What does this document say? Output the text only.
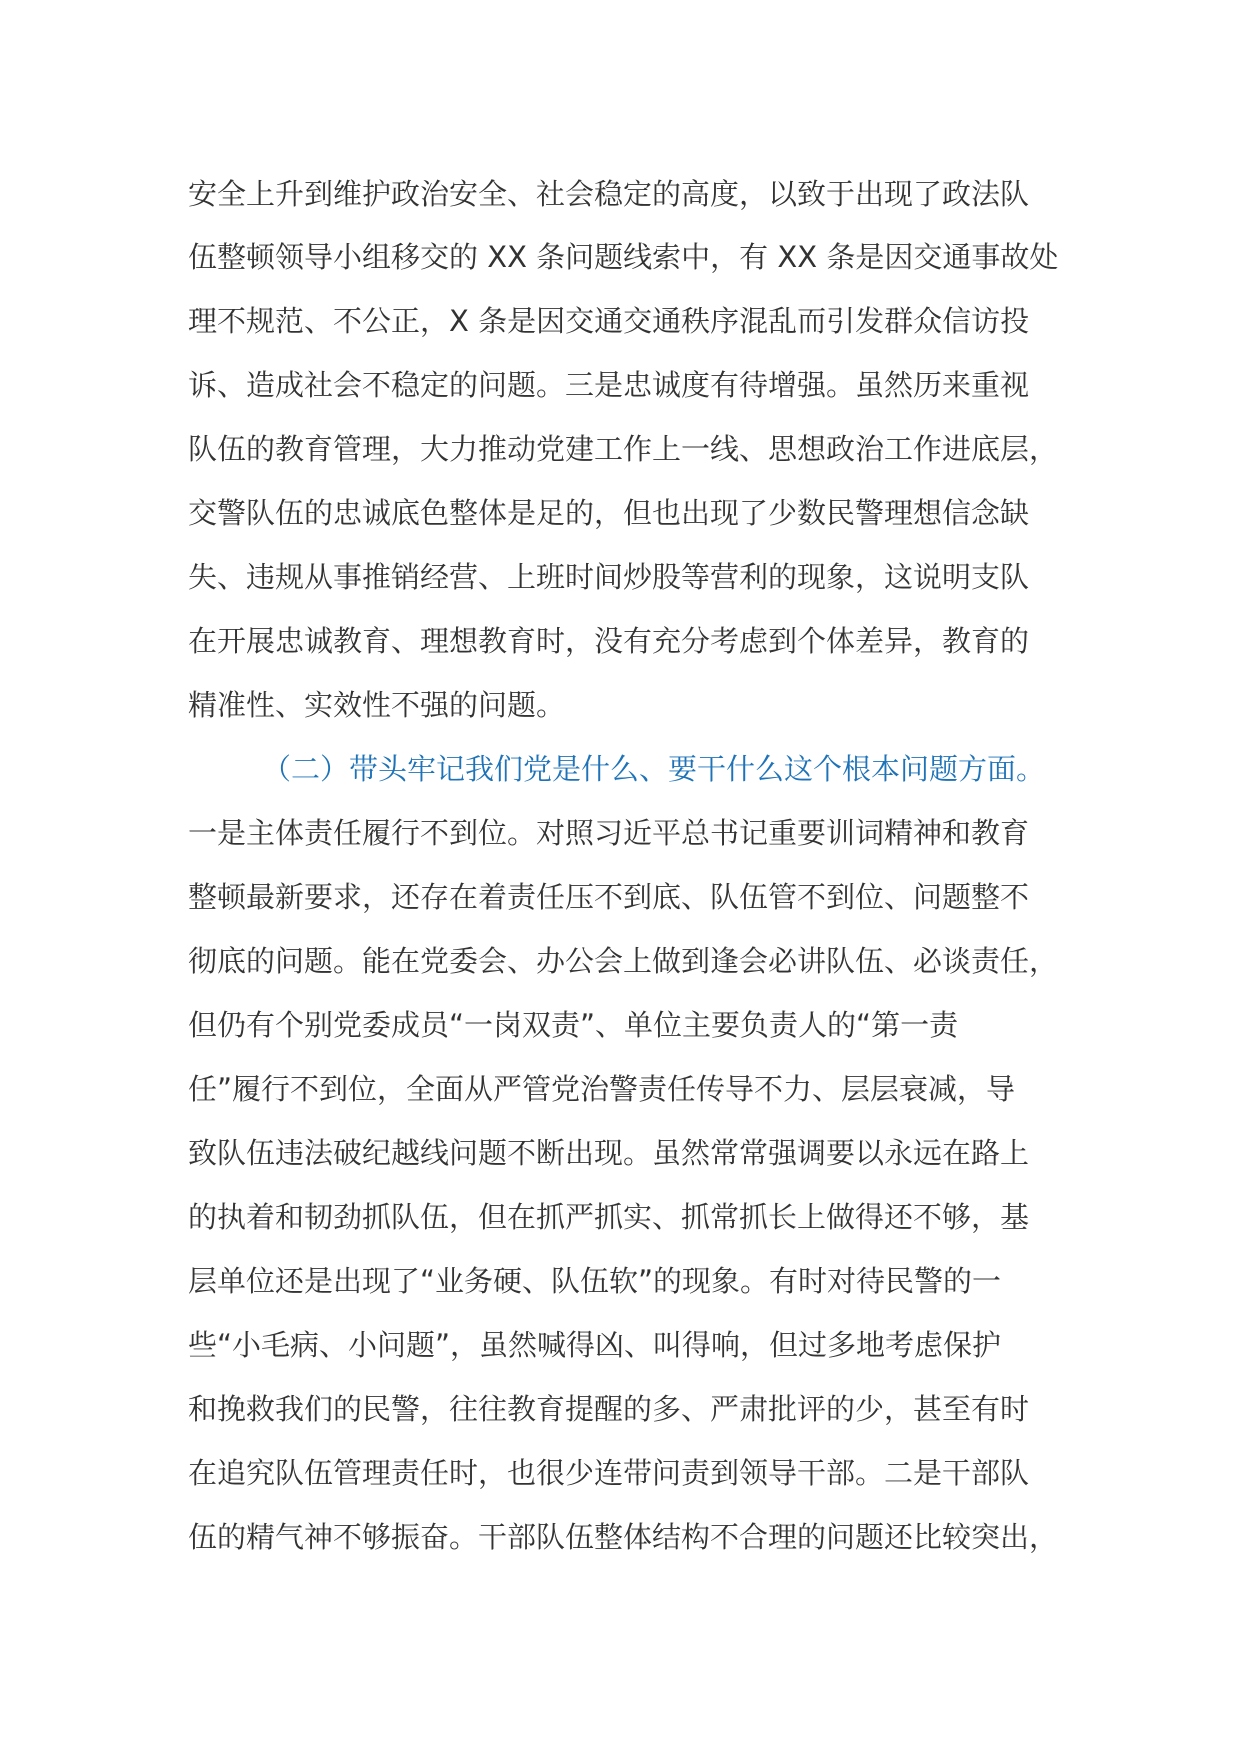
安全上升到维护政治安全、社会稳定的高度，以致于出现了政法队

伍整顿领导小组移交的 XX 条问题线索中，有 XX 条是因交通事故处

理不规范、不公正，X 条是因交通交通秩序混乱而引发群众信访投

诉、造成社会不稳定的问题。三是忠诚度有待增强。虽然历来重视

队伍的教育管理，大力推动党建工作上一线、思想政治工作进底层，

交警队伍的忠诚底色整体是足的，但也出现了少数民警理想信念缺

失、违规从事推销经营、上班时间炒股等营利的现象，这说明支队

在开展忠诚教育、理想教育时，没有充分考虑到个体差异，教育的

精准性、实效性不强的问题。

（二）带头牢记我们党是什么、要干什么这个根本问题方面。

一是主体责任履行不到位。对照习近平总书记重要训词精神和教育

整顿最新要求，还存在着责任压不到底、队伍管不到位、问题整不

彻底的问题。能在党委会、办公会上做到逢会必讲队伍、必谈责任，

但仍有个别党委成员“一岗双责”、单位主要负责人的“第一责

任”履行不到位，全面从严管党治警责任传导不力、层层衰减，导

致队伍违法破纪越线问题不断出现。虽然常常强调要以永远在路上

的执着和韧劲抓队伍，但在抓严抓实、抓常抓长上做得还不够，基

层单位还是出现了“业务硬、队伍软”的现象。有时对待民警的一

些“小毛病、小问题”，虽然喊得凶、叫得响，但过多地考虑保护

和挽救我们的民警，往往教育提醒的多、严肃批评的少，甚至有时

在追究队伍管理责任时，也很少连带问责到领导干部。二是干部队

伍的精气神不够振奋。干部队伍整体结构不合理的问题还比较突出，
